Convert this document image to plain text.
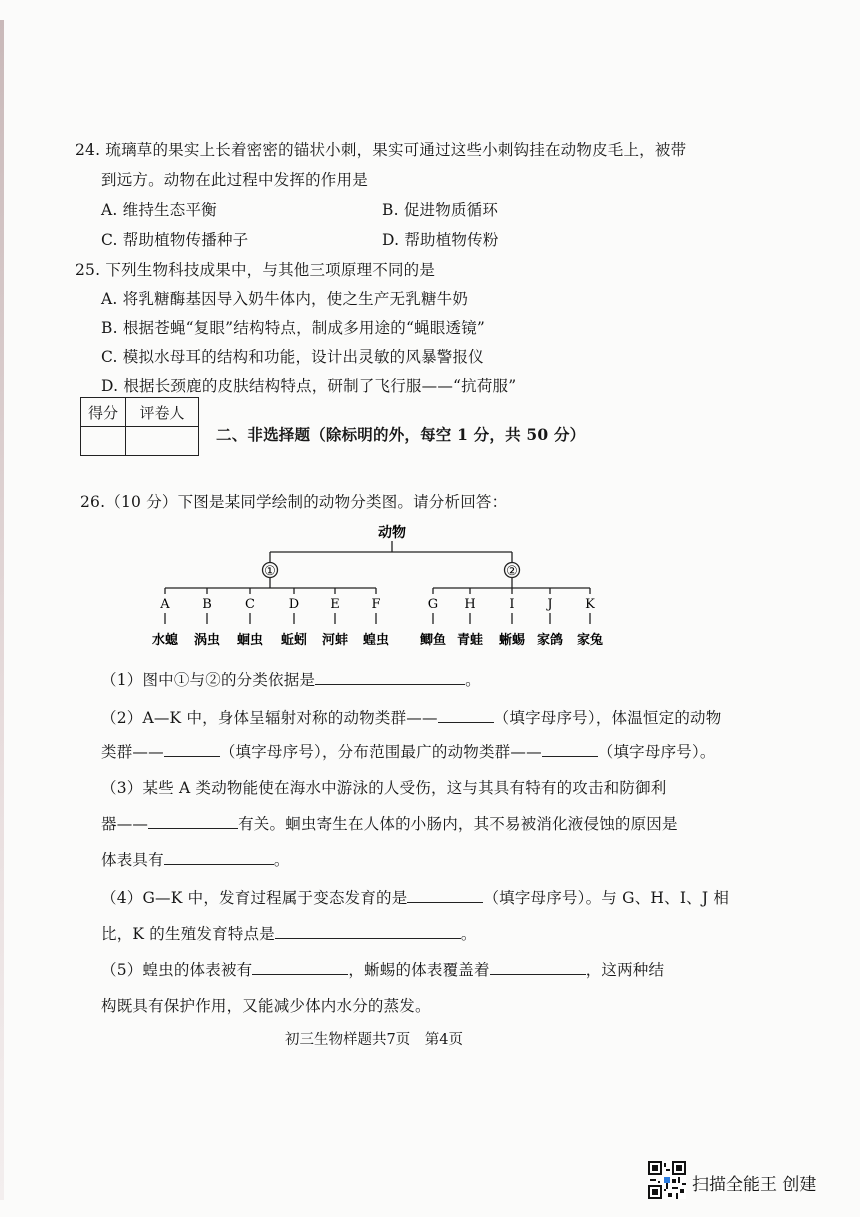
24. 琉璃草的果实上长着密密的锚状小刺，果实可通过这些小刺钩挂在动物皮毛上，被带
到远方。动物在此过程中发挥的作用是
A. 维持生态平衡	B. 促进物质循环
C. 帮助植物传播种子	D. 帮助植物传粉
25. 下列生物科技成果中，与其他三项原理不同的是
A. 将乳糖酶基因导入奶牛体内，使之生产无乳糖牛奶
B. 根据苍蝇“复眼”结构特点，制成多用途的“蝇眼透镜”
C. 模拟水母耳的结构和功能，设计出灵敏的风暴警报仪
D. 根据长颈鹿的皮肤结构特点，研制了飞行服——“抗荷服”
得分	评卷人

二、非选择题（除标明的外，每空 1 分，共 50 分）
26.（10 分）下图是某同学绘制的动物分类图。请分析回答：
动物
①	②
A
水螅
B
涡虫
C
蛔虫
D
蚯蚓
E
河蚌
F
蝗虫
G
鲫鱼
H
青蛙
I
蜥蜴
J
家鸽
K
家兔
（1）图中①与②的分类依据是	。
（2）A—K 中，身体呈辐射对称的动物类群——	（填字母序号），体温恒定的动物
类群——	（填字母序号），分布范围最广的动物类群——	（填字母序号）。
（3）某些 A 类动物能使在海水中游泳的人受伤，这与其具有特有的攻击和防御利
器——	有关。蛔虫寄生在人体的小肠内，其不易被消化液侵蚀的原因是
体表具有	。
（4）G—K 中，发育过程属于变态发育的是	（填字母序号）。与 G、H、I、J 相
比，K 的生殖发育特点是	。
（5）蝗虫的体表被有	，蜥蜴的体表覆盖着	，这两种结
构既具有保护作用，又能减少体内水分的蒸发。
初三生物样题共7页　第4页
扫描全能王 创建
